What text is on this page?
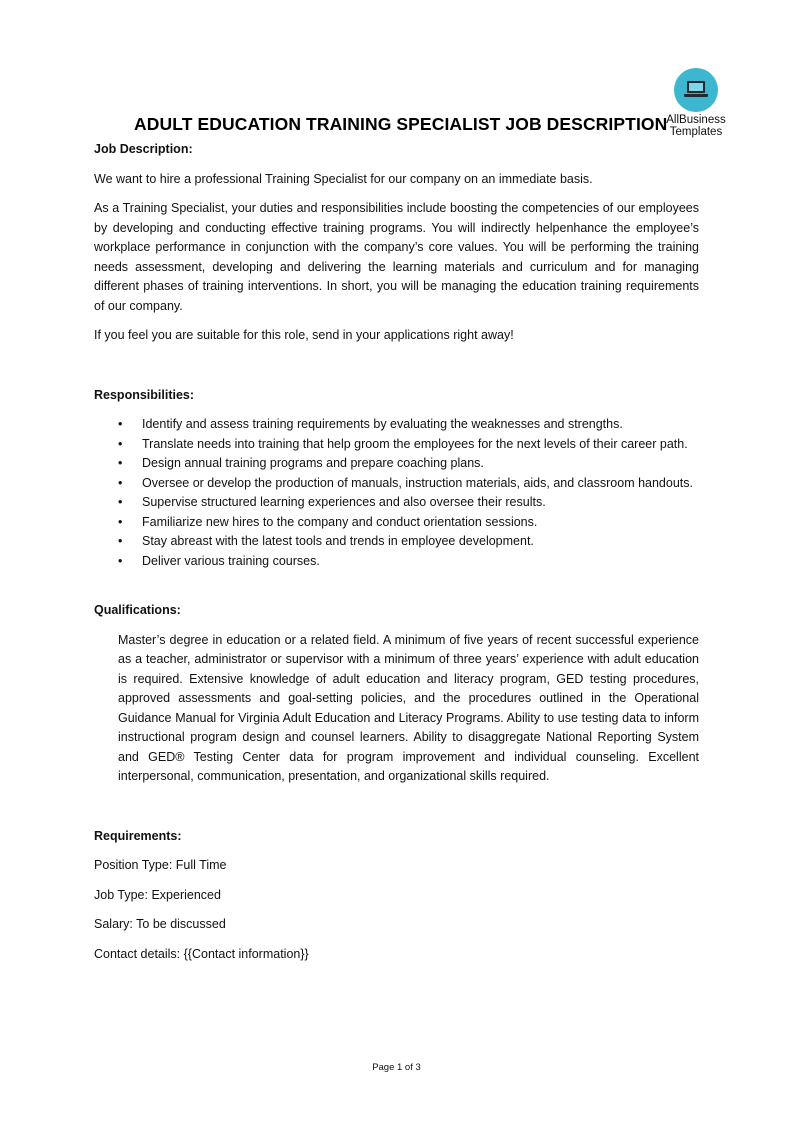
AllBusiness
Templates
ADULT EDUCATION TRAINING SPECIALIST JOB DESCRIPTION

Job Description:

We want to hire a professional Training Specialist for our company on an immediate basis.

As a Training Specialist, your duties and responsibilities include boosting the competencies of our employees by developing and conducting effective training programs. You will indirectly helpenhance the employee’s workplace performance in conjunction with the company’s core values. You will be performing the training needs assessment, developing and delivering the learning materials and curriculum and for managing different phases of training interventions. In short, you will be managing the education training requirements of our company.

If you feel you are suitable for this role, send in your applications right away!

Responsibilities:

• Identify and assess training requirements by evaluating the weaknesses and strengths.
• Translate needs into training that help groom the employees for the next levels of their career path.
• Design annual training programs and prepare coaching plans.
• Oversee or develop the production of manuals, instruction materials, aids, and classroom handouts.
• Supervise structured learning experiences and also oversee their results.
• Familiarize new hires to the company and conduct orientation sessions.
• Stay abreast with the latest tools and trends in employee development.
• Deliver various training courses.

Qualifications:

Master’s degree in education or a related field. A minimum of five years of recent successful experience as a teacher, administrator or supervisor with a minimum of three years’ experience with adult education is required. Extensive knowledge of adult education and literacy program, GED testing procedures, approved assessments and goal-setting policies, and the procedures outlined in the Operational Guidance Manual for Virginia Adult Education and Literacy Programs. Ability to use testing data to inform instructional program design and counsel learners. Ability to disaggregate National Reporting System and GED® Testing Center data for program improvement and individual counseling. Excellent interpersonal, communication, presentation, and organizational skills required.

Requirements:

Position Type: Full Time

Job Type: Experienced

Salary: To be discussed

Contact details: {{Contact information}}

Page 1 of 3
